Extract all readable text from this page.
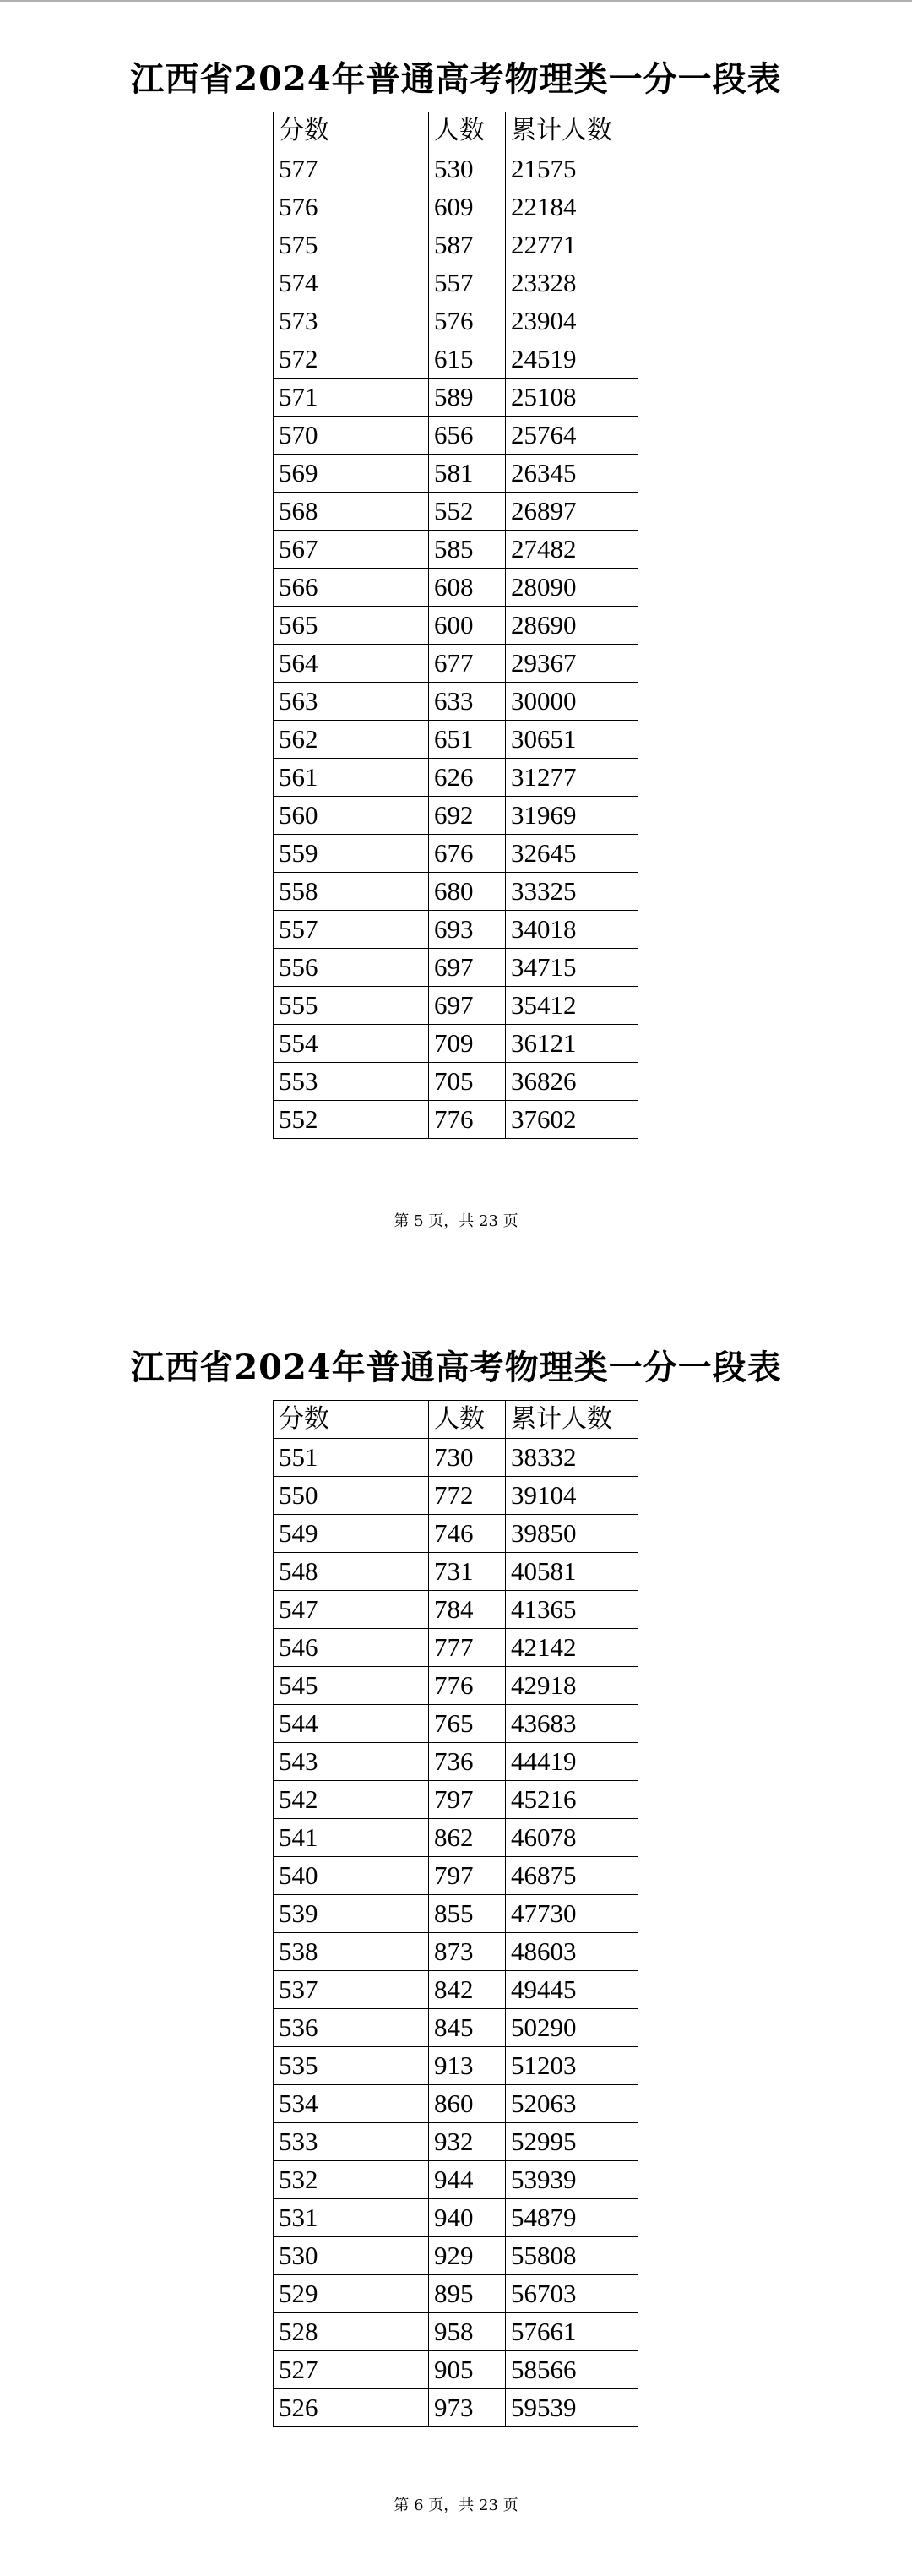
江西省2024年普通高考物理类一分一段表
分数	人数	累计人数
577	530	21575
576	609	22184
575	587	22771
574	557	23328
573	576	23904
572	615	24519
571	589	25108
570	656	25764
569	581	26345
568	552	26897
567	585	27482
566	608	28090
565	600	28690
564	677	29367
563	633	30000
562	651	30651
561	626	31277
560	692	31969
559	676	32645
558	680	33325
557	693	34018
556	697	34715
555	697	35412
554	709	36121
553	705	36826
552	776	37602
第 5 页，共 23 页
江西省2024年普通高考物理类一分一段表
分数	人数	累计人数
551	730	38332
550	772	39104
549	746	39850
548	731	40581
547	784	41365
546	777	42142
545	776	42918
544	765	43683
543	736	44419
542	797	45216
541	862	46078
540	797	46875
539	855	47730
538	873	48603
537	842	49445
536	845	50290
535	913	51203
534	860	52063
533	932	52995
532	944	53939
531	940	54879
530	929	55808
529	895	56703
528	958	57661
527	905	58566
526	973	59539
第 6 页，共 23 页
